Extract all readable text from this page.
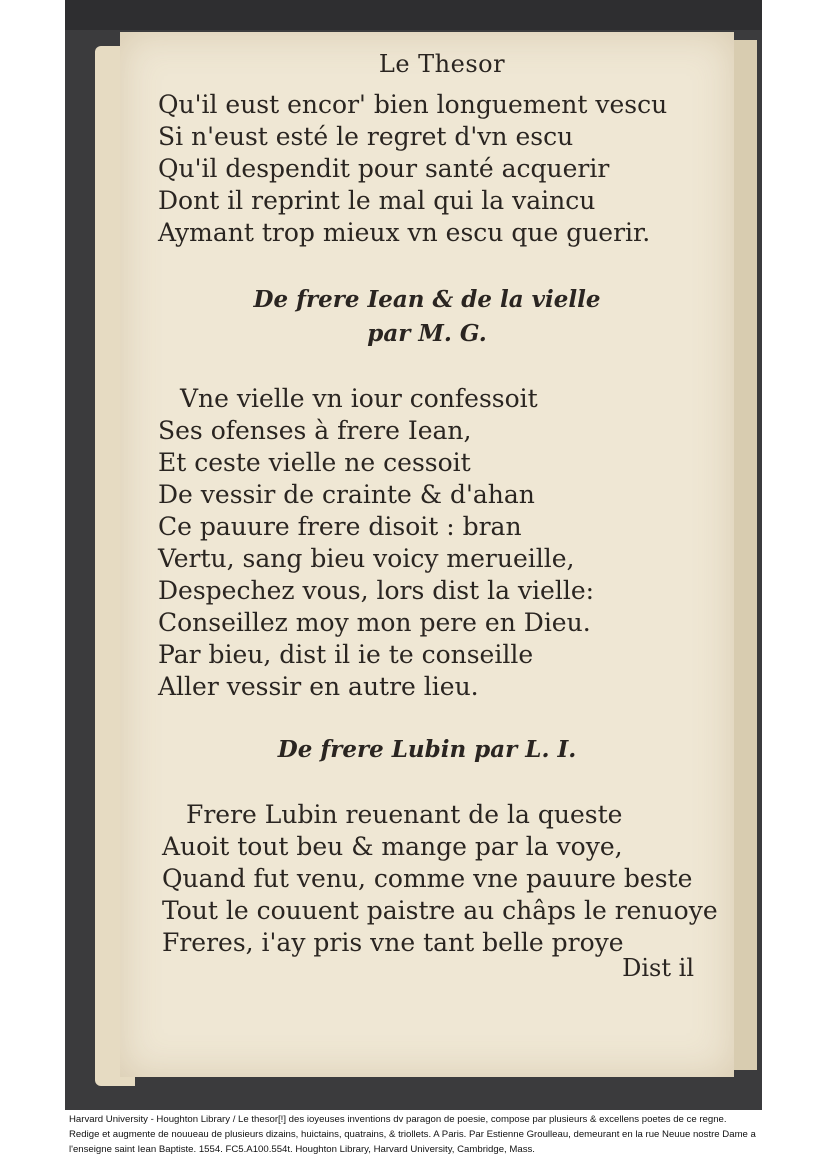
Le Thesor
Qu'il eust encor' bien longuement vescu
Si n'eust esté le regret d'vn escu
Qu'il despendit pour santé acquerir
Dont il reprint le mal qui la vaincu
Aymant trop mieux vn escu que guerir.
De frere Iean & de la vielle
par M. G.
Vne vielle vn iour confessoit
Ses ofenses à frere Iean,
Et ceste vielle ne cessoit
De vessir de crainte & d'ahan
Ce pauure frere disoit : bran
Vertu, sang bieu voicy merueille,
Despechez vous, lors dist la vielle:
Conseillez moy mon pere en Dieu.
Par bieu, dist il ie te conseille
Aller vessir en autre lieu.
De frere Lubin par L. I.
Frere Lubin reuenant de la queste
Auoit tout beu & mange par la voye,
Quand fut venu, comme vne pauure beste
Tout le couuent paistre au châps le renuoye
Freres, i'ay pris vne tant belle proye
Dist il
Harvard University - Houghton Library / Le thesor[!] des ioyeuses inventions dv paragon de poesie, compose par plusieurs & excellens poetes de ce regne. Redige et augmente de nouueau de plusieurs dizains, huictains, quatrains, & triollets. A Paris. Par Estienne Groulleau, demeurant en la rue Neuue nostre Dame a l'enseigne saint Iean Baptiste. 1554. FC5.A100.554t. Houghton Library, Harvard University, Cambridge, Mass.
